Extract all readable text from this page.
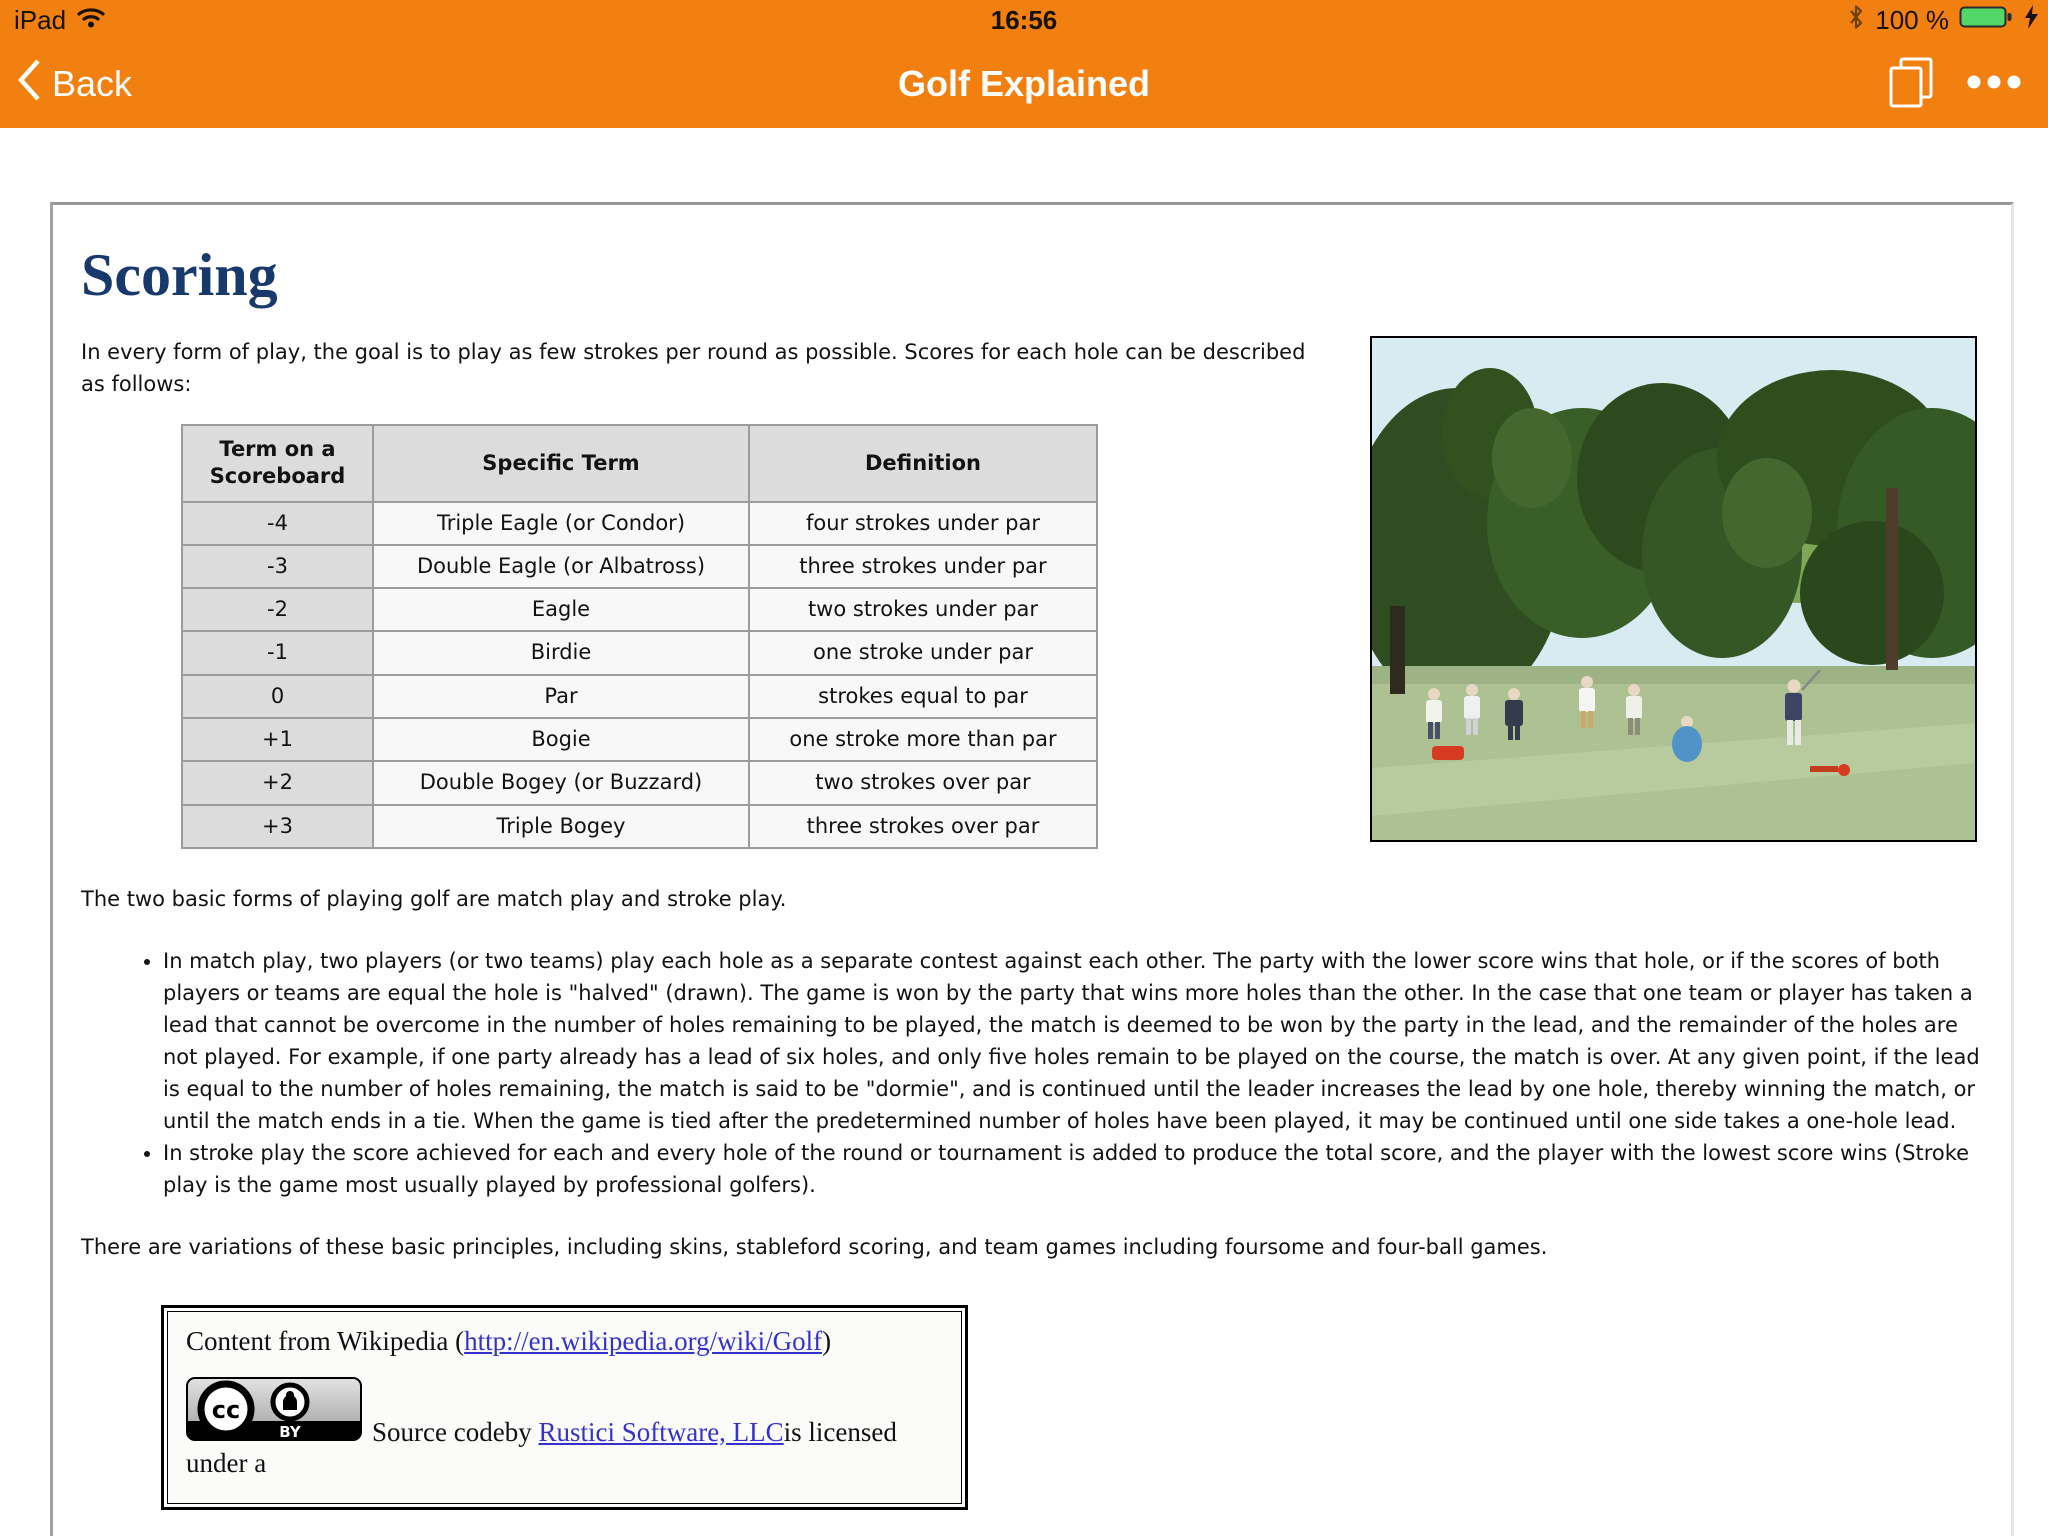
iPad	16:56	100 %
Back	Golf Explained
Scoring

In every form of play, the goal is to play as few strokes per round as possible. Scores for each hole can be described as follows:

Term on a Scoreboard	Specific Term	Definition
-4	Triple Eagle (or Condor)	four strokes under par
-3	Double Eagle (or Albatross)	three strokes under par
-2	Eagle	two strokes under par
-1	Birdie	one stroke under par
0	Par	strokes equal to par
+1	Bogie	one stroke more than par
+2	Double Bogey (or Buzzard)	two strokes over par
+3	Triple Bogey	three strokes over par

The two basic forms of playing golf are match play and stroke play.

• In match play, two players (or two teams) play each hole as a separate contest against each other. The party with the lower score wins that hole, or if the scores of both players or teams are equal the hole is "halved" (drawn). The game is won by the party that wins more holes than the other. In the case that one team or player has taken a lead that cannot be overcome in the number of holes remaining to be played, the match is deemed to be won by the party in the lead, and the remainder of the holes are not played. For example, if one party already has a lead of six holes, and only five holes remain to be played on the course, the match is over. At any given point, if the lead is equal to the number of holes remaining, the match is said to be "dormie", and is continued until the leader increases the lead by one hole, thereby winning the match, or until the match ends in a tie. When the game is tied after the predetermined number of holes have been played, it may be continued until one side takes a one-hole lead.
• In stroke play the score achieved for each and every hole of the round or tournament is added to produce the total score, and the player with the lowest score wins (Stroke play is the game most usually played by professional golfers).

There are variations of these basic principles, including skins, stableford scoring, and team games including foursome and four-ball games.

Content from Wikipedia (http://en.wikipedia.org/wiki/Golf)
cc
BY	Source codeby Rustici Software, LLCis licensed under a
